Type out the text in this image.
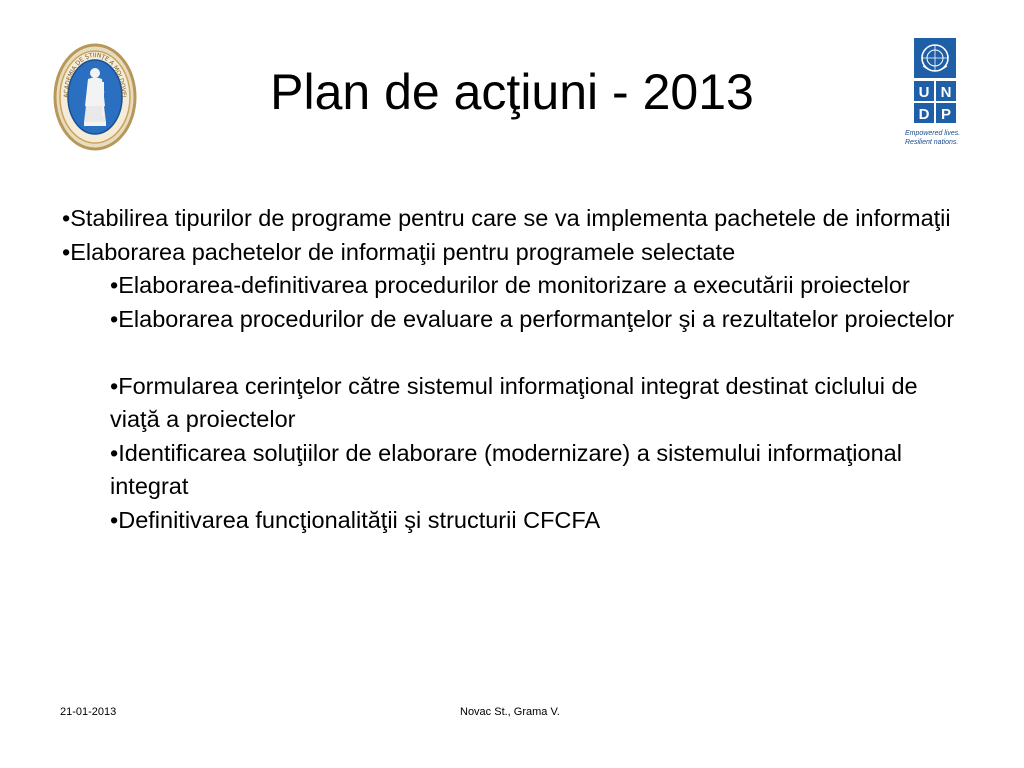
ACADEMIA DE ŞTIINŢE A MOLDOVEI	Plan de acţiuni - 2013	U N
D P
Empowered lives.
Resilient nations.

•Stabilirea tipurilor de programe pentru care se va implementa pachetele de informaţii

•Elaborarea pachetelor de informaţii pentru programele selectate

•Elaborarea-definitivarea procedurilor de monitorizare a executării proiectelor

•Elaborarea procedurilor de evaluare a performanţelor şi a rezultatelor proiectelor

•Formularea cerinţelor către sistemul informaţional integrat destinat ciclului de viaţă a proiectelor

•Identificarea soluţiilor de elaborare (modernizare) a sistemului informaţional integrat

•Definitivarea funcţionalităţii şi structurii CFCFA

21-01-2013	Novac St., Grama V.
